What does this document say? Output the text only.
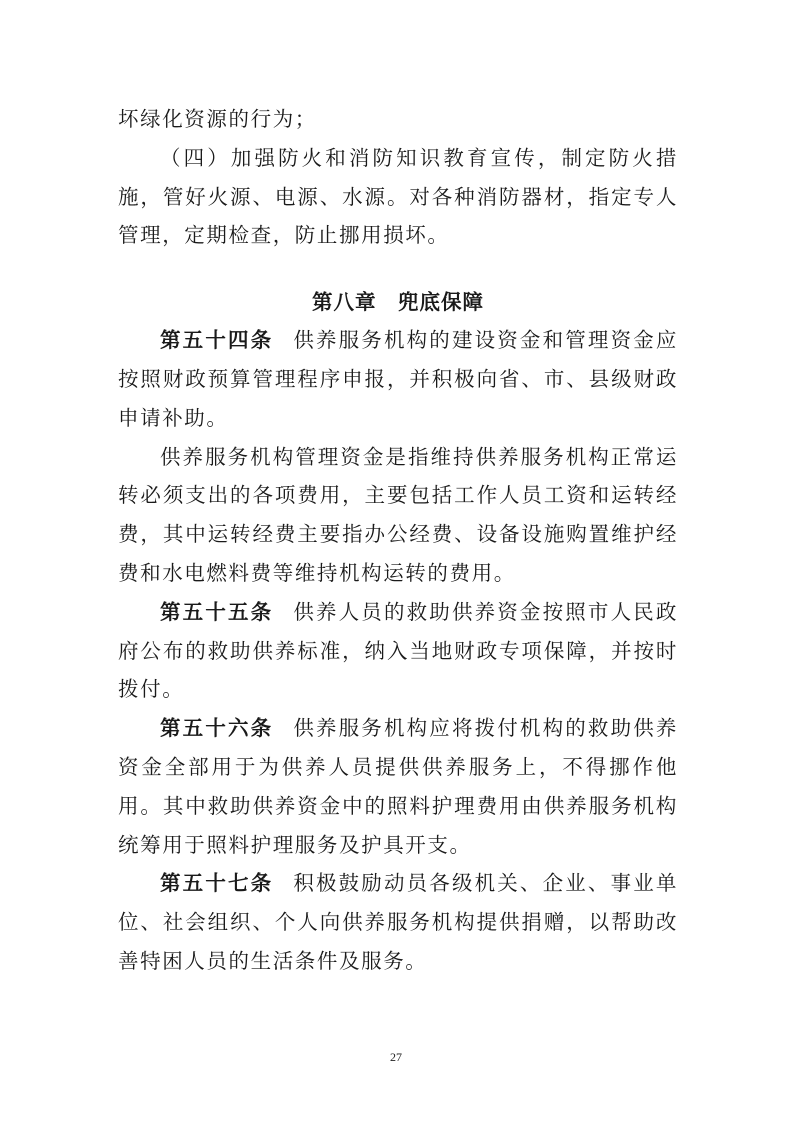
坏绿化资源的行为；

（四）加强防火和消防知识教育宣传，制定防火措施，管好火源、电源、水源。对各种消防器材，指定专人管理，定期检查，防止挪用损坏。

第八章　兜底保障

第五十四条 供养服务机构的建设资金和管理资金应按照财政预算管理程序申报，并积极向省、市、县级财政申请补助。

供养服务机构管理资金是指维持供养服务机构正常运转必须支出的各项费用，主要包括工作人员工资和运转经费，其中运转经费主要指办公经费、设备设施购置维护经费和水电燃料费等维持机构运转的费用。

第五十五条 供养人员的救助供养资金按照市人民政府公布的救助供养标准，纳入当地财政专项保障，并按时拨付。

第五十六条 供养服务机构应将拨付机构的救助供养资金全部用于为供养人员提供供养服务上，不得挪作他用。其中救助供养资金中的照料护理费用由供养服务机构统筹用于照料护理服务及护具开支。

第五十七条 积极鼓励动员各级机关、企业、事业单位、社会组织、个人向供养服务机构提供捐赠，以帮助改善特困人员的生活条件及服务。

27
